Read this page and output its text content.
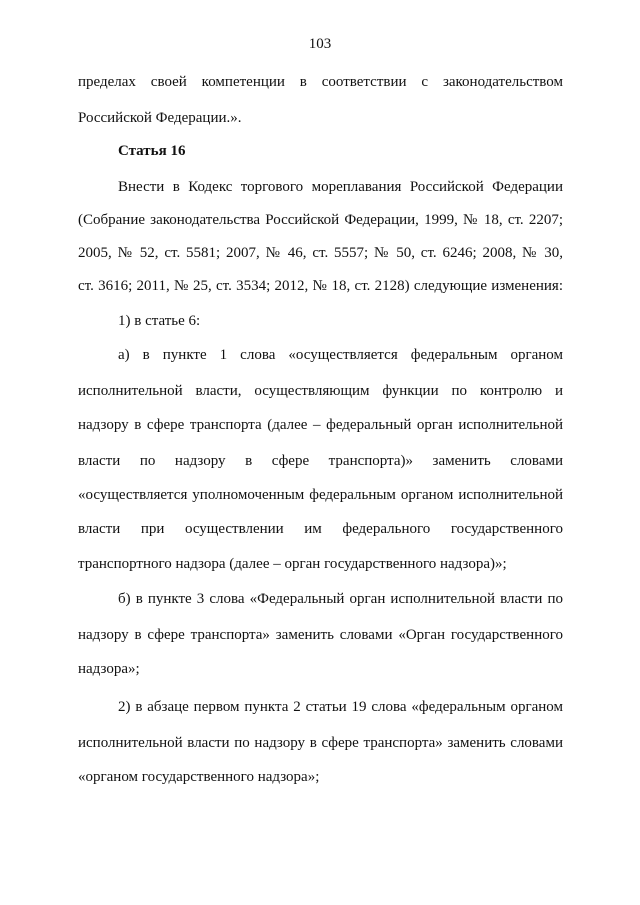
103
пределах своей компетенции в соответствии с законодательством
Российской Федерации.».
Статья 16
Внести в Кодекс торгового мореплавания Российской Федерации
(Собрание законодательства Российской Федерации, 1999, № 18, ст. 2207;
2005, № 52, ст. 5581; 2007, № 46, ст. 5557; № 50, ст. 6246; 2008, № 30,
ст. 3616; 2011, № 25, ст. 3534; 2012, № 18, ст. 2128) следующие изменения:
1) в статье 6:
а) в пункте 1 слова «осуществляется федеральным органом
исполнительной власти, осуществляющим функции по контролю и
надзору в сфере транспорта (далее – федеральный орган исполнительной
власти по надзору в сфере транспорта)» заменить словами
«осуществляется уполномоченным федеральным органом исполнительной
власти при осуществлении им федерального государственного
транспортного надзора (далее – орган государственного надзора)»;
б) в пункте 3 слова «Федеральный орган исполнительной власти по
надзору в сфере транспорта» заменить словами «Орган государственного
надзора»;
2) в абзаце первом пункта 2 статьи 19 слова «федеральным органом
исполнительной власти по надзору в сфере транспорта» заменить словами
«органом государственного надзора»;
